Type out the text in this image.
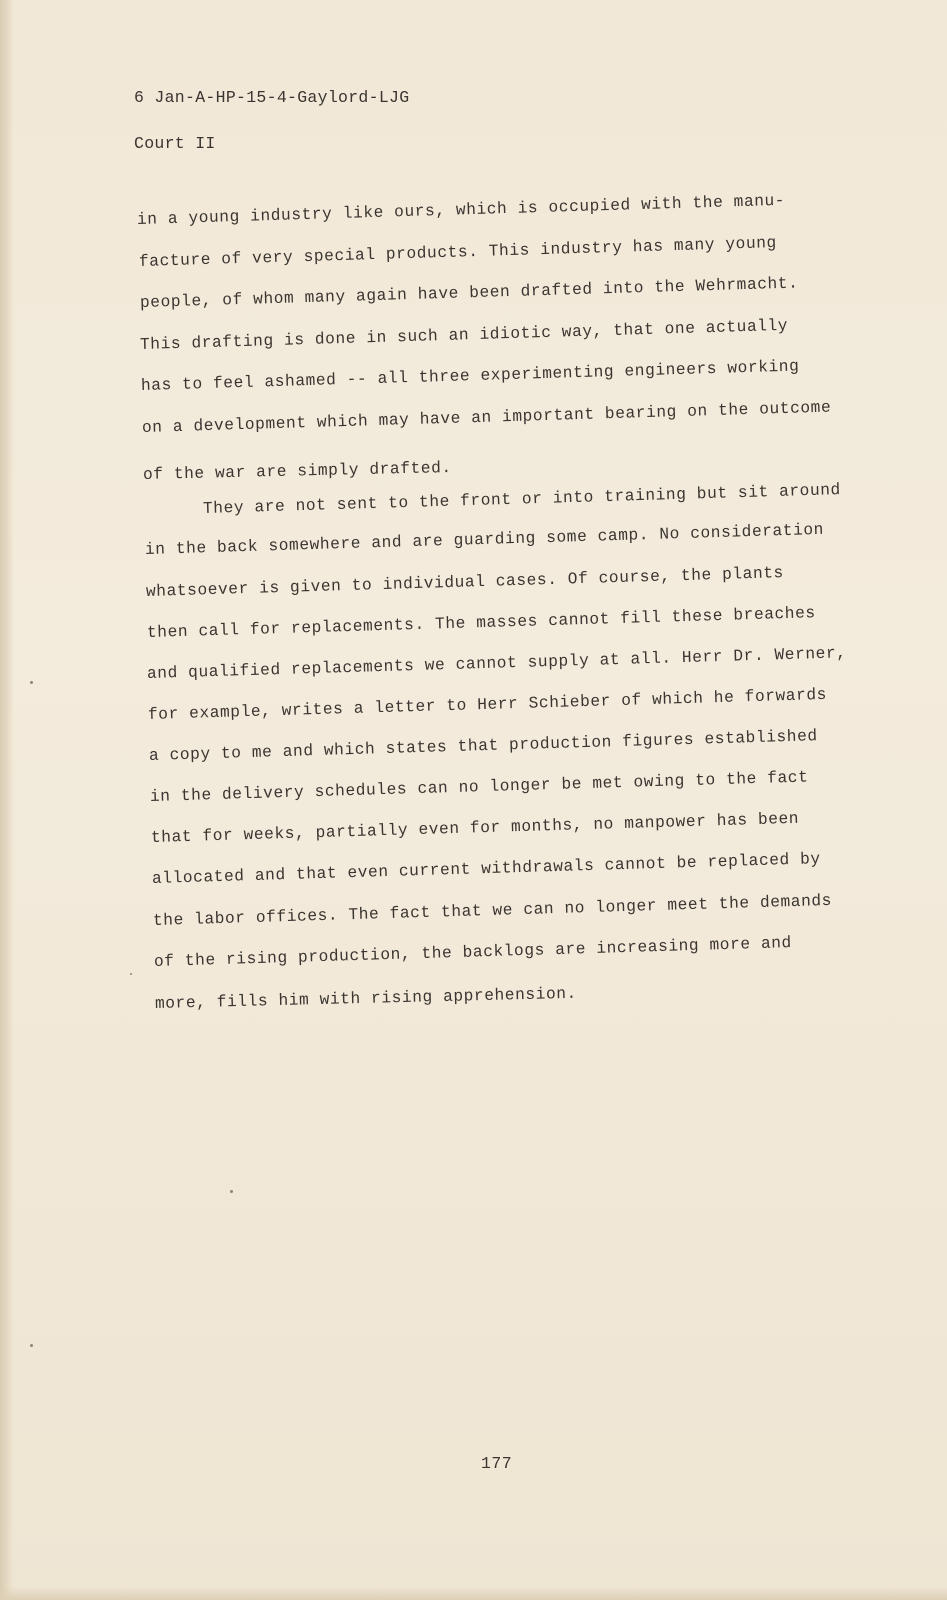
6 Jan-A-HP-15-4-Gaylord-LJG
Court II
in a young industry like ours, which is occupied with the manu-
facture of very special products. This industry has many young
people, of whom many again have been drafted into the Wehrmacht.
This drafting is done in such an idiotic way, that one actually
has to feel ashamed -- all three experimenting engineers working
on a development which may have an important bearing on the outcome
of the war are simply drafted.
They are not sent to the front or into training but sit around
in the back somewhere and are guarding some camp. No consideration
whatsoever is given to individual cases. Of course, the plants
then call for replacements. The masses cannot fill these breaches
and qualified replacements we cannot supply at all. Herr Dr. Werner,
for example, writes a letter to Herr Schieber of which he forwards
a copy to me and which states that production figures established
in the delivery schedules can no longer be met owing to the fact
that for weeks, partially even for months, no manpower has been
allocated and that even current withdrawals cannot be replaced by
the labor offices. The fact that we can no longer meet the demands
of the rising production, the backlogs are increasing more and
more, fills him with rising apprehension.
177
